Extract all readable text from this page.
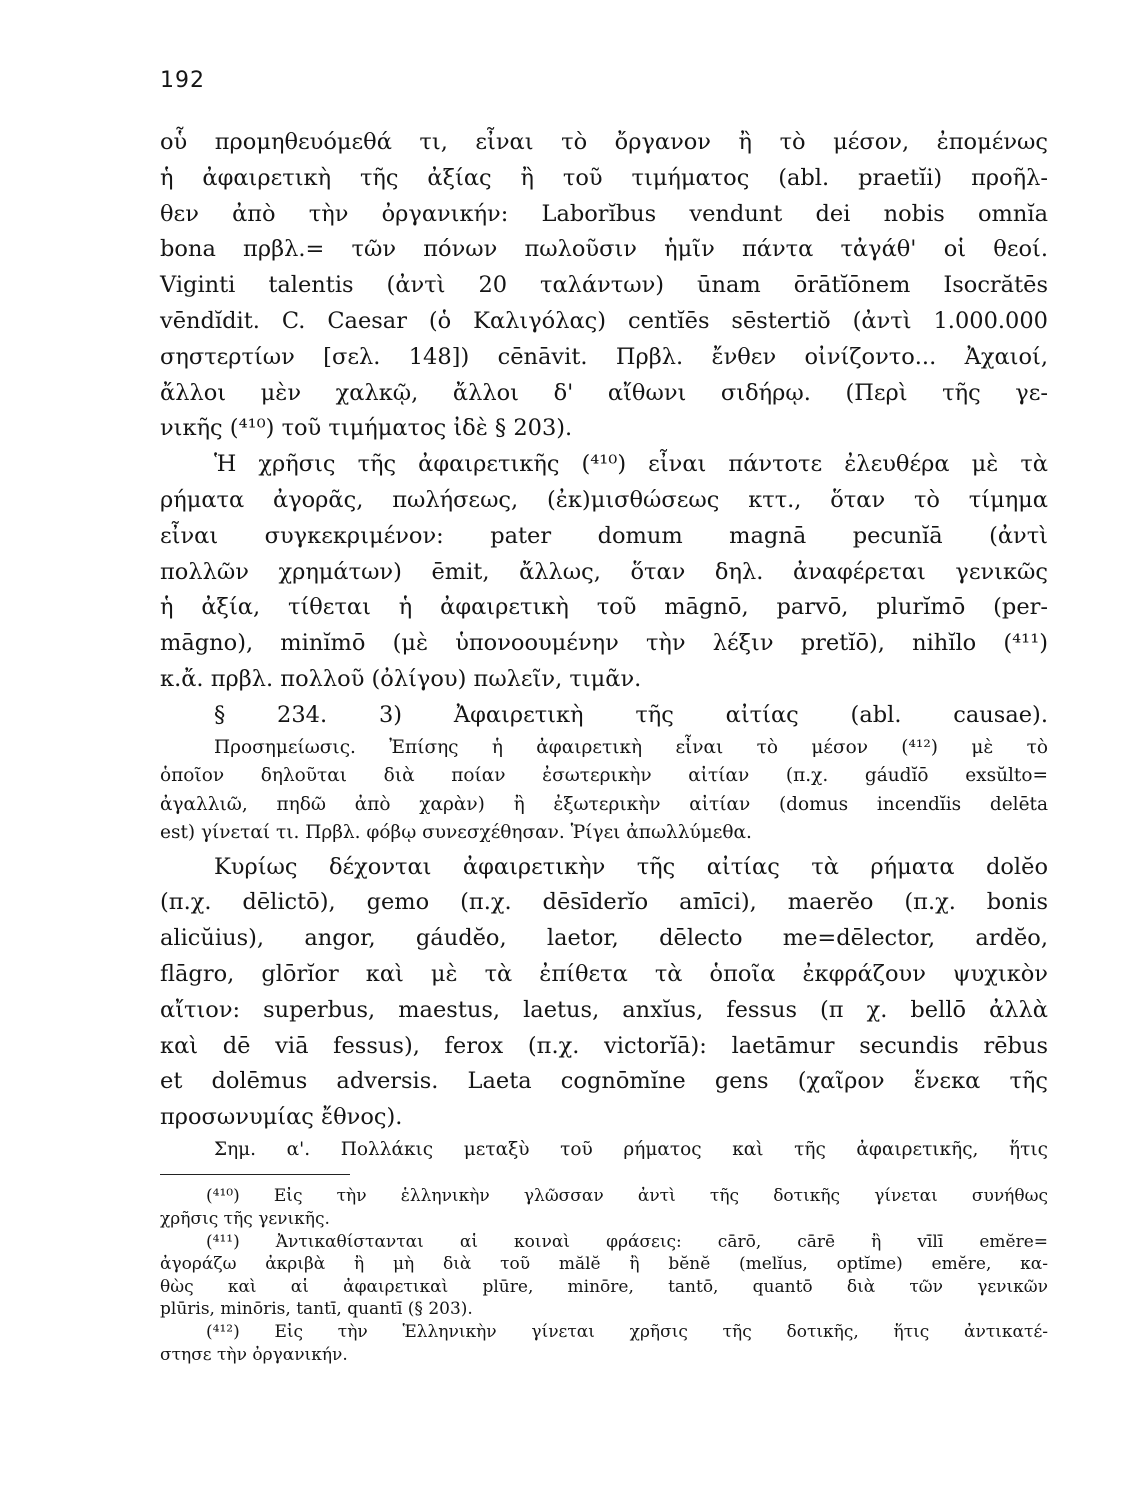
192
οὗ προμηθευόμεθά τι, εἶναι τὸ ὄργανον ἢ τὸ μέσον, ἐπομένως
ἡ ἀφαιρετικὴ τῆς ἀξίας ἢ τοῦ τιμήματος (abl. praetĭi) προῆλ-
θεν ἀπὸ τὴν ὀργανικήν: Laborĭbus vendunt dei nobis omnĭa
bona πρβλ.= τῶν πόνων πωλοῦσιν ἡμῖν πάντα τἀγάθ' οἱ θεοί.
Viginti talentis (ἀντὶ 20 ταλάντων) ūnam ōrātĭōnem Isocrătēs
vēndĭdit. C. Caesar (ὁ Καλιγόλας) centĭēs sēstertiŏ (ἀντὶ 1.000.000
σηστερτίων [σελ. 148]) cēnāvit. Πρβλ. ἔνθεν οἰνίζοντο... Ἀχαιοί,
ἄλλοι μὲν χαλκῷ, ἄλλοι δ' αἴθωνι σιδήρῳ. (Περὶ τῆς γε-
νικῆς (⁴¹⁰) τοῦ τιμήματος ἰδὲ § 203).
Ἡ χρῆσις τῆς ἀφαιρετικῆς (⁴¹⁰) εἶναι πάντοτε ἐλευθέρα μὲ τὰ
ρήματα ἀγορᾶς, πωλήσεως, (ἐκ)μισθώσεως κττ., ὅταν τὸ τίμημα
εἶναι συγκεκριμένον: pater domum magnā pecunĭā (ἀντὶ
πολλῶν χρημάτων) ēmit, ἄλλως, ὅταν δηλ. ἀναφέρεται γενικῶς
ἡ ἀξία, τίθεται ἡ ἀφαιρετικὴ τοῦ māgnō, parvō, plurĭmō (per-
māgno), minĭmō (μὲ ὑπονοουμένην τὴν λέξιν pretĭō), nihĭlo (⁴¹¹)
κ.ἄ. πρβλ. πολλοῦ (ὀλίγου) πωλεῖν, τιμᾶν.
§ 234. 3) Ἀφαιρετικὴ τῆς αἰτίας (abl. causae).
Προσημείωσις. Ἐπίσης ἡ ἀφαιρετικὴ εἶναι τὸ μέσον (⁴¹²) μὲ τὸ
ὁποῖον δηλοῦται διὰ ποίαν ἐσωτερικὴν αἰτίαν (π.χ. gáudĭō exsŭlto=
ἀγαλλιῶ, πηδῶ ἀπὸ χαρὰν) ἢ ἐξωτερικὴν αἰτίαν (domus incendĭis delēta
est) γίνεταί τι. Πρβλ. φόβῳ συνεσχέθησαν. Ῥίγει ἀπωλλύμεθα.
Κυρίως δέχονται ἀφαιρετικὴν τῆς αἰτίας τὰ ρήματα dolĕo
(π.χ. dēlictō), gemo (π.χ. dēsīderĭo amīci), maerĕo (π.χ. bonis
alicŭius), angor, gáudĕo, laetor, dēlecto me=dēlector, ardĕo,
flāgro, glōrĭor καὶ μὲ τὰ ἐπίθετα τὰ ὁποῖα ἐκφράζουν ψυχικὸν
αἴτιον: superbus, maestus, laetus, anxĭus, fessus (π χ. bellō ἀλλὰ
καὶ dē viā fessus), ferox (π.χ. victorĭā): laetāmur secundis rēbus
et dolēmus adversis. Laeta cognōmĭne gens (χαῖρον ἕνεκα τῆς
προσωνυμίας ἔθνος).
Σημ. α'. Πολλάκις μεταξὺ τοῦ ρήματος καὶ τῆς ἀφαιρετικῆς, ἥτις
(⁴¹⁰) Εἰς τὴν ἑλληνικὴν γλῶσσαν ἀντὶ τῆς δοτικῆς γίνεται συνήθως
χρῆσις τῆς γενικῆς.
(⁴¹¹) Ἀντικαθίστανται αἱ κοιναὶ φράσεις: cārō, cārē ἢ vīlī emĕre=
ἀγοράζω ἀκριβὰ ἢ μὴ διὰ τοῦ mălĕ ἢ bĕnĕ (melĭus, optĭme) emĕre, κα-
θὼς καὶ αἱ ἀφαιρετικαὶ plūre, minōre, tantō, quantō διὰ τῶν γενικῶν
plūris, minōris, tantī, quantī (§ 203).
(⁴¹²) Εἰς τὴν Ἑλληνικὴν γίνεται χρῆσις τῆς δοτικῆς, ἥτις ἀντικατέ-
στησε τὴν ὀργανικήν.
